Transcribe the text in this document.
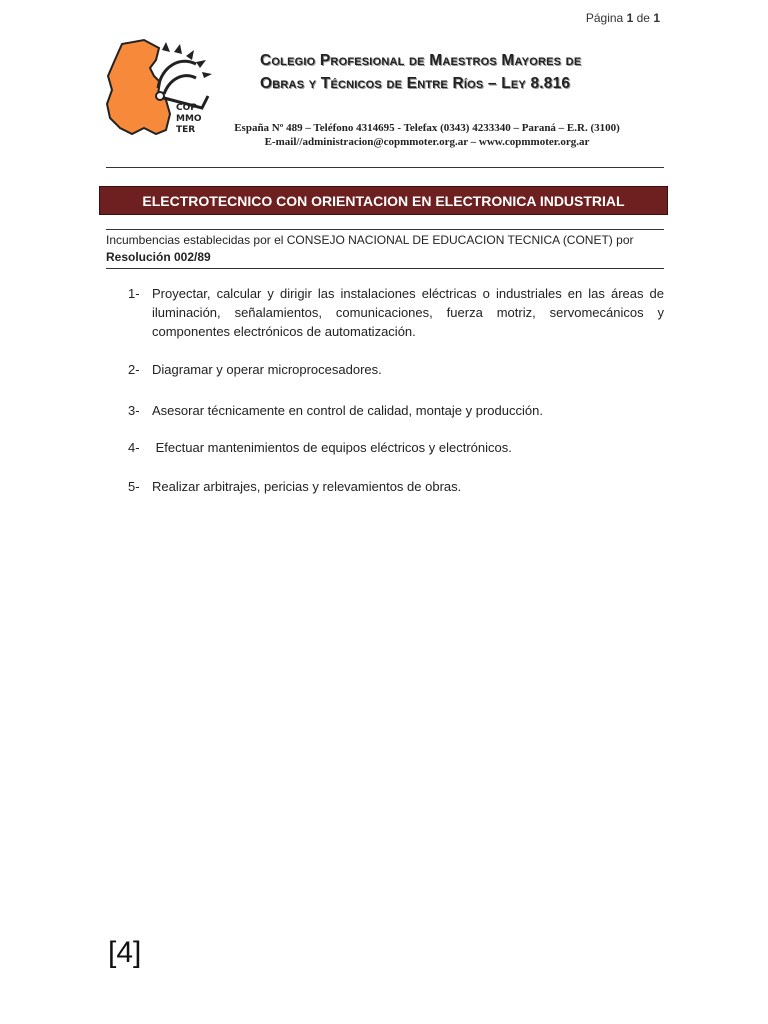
Página 1 de 1
COP
MMO
TER
Colegio Profesional de Maestros Mayores de
Obras y Técnicos de Entre Ríos – Ley 8.816
España Nº 489 – Teléfono 4314695 - Telefax (0343) 4233340 – Paraná – E.R. (3100)
E-mail//administracion@copmmoter.org.ar – www.copmmoter.org.ar
ELECTROTECNICO CON ORIENTACION EN ELECTRONICA INDUSTRIAL
Incumbencias establecidas por el CONSEJO NACIONAL DE EDUCACION TECNICA (CONET) por
Resolución 002/89
1- Proyectar, calcular y dirigir las instalaciones eléctricas o industriales en las áreas de iluminación, señalamientos, comunicaciones, fuerza motriz, servomecánicos y componentes electrónicos de automatización.
2- Diagramar y operar microprocesadores.
3- Asesorar técnicamente en control de calidad, montaje y producción.
4- Efectuar mantenimientos de equipos eléctricos y electrónicos.
5- Realizar arbitrajes, pericias y relevamientos de obras.
[4]
